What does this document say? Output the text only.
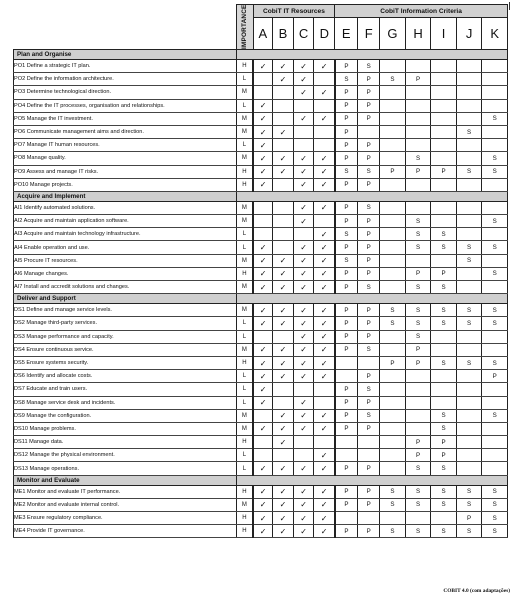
	IMPORTANCE	CobiT IT Resources				CobiT Information Criteria						
		A	B	C	D	E	F	G	H	I	J	K
Plan and Organise												
PO1 Define a strategic IT plan.	H	✓	✓	✓	✓	P	S					
PO2 Define the information architecture.	L		✓	✓		S	P	S	P			
PO3 Determine technological direction.	M			✓	✓	P	P					
PO4 Define the IT processes, organisation and relationships.	L	✓				P	P					
PO5 Manage the IT investment.	M	✓		✓	✓	P	P					S
PO6 Communicate management aims and direction.	M	✓	✓			P					S	
PO7 Manage IT human resources.	L	✓				P	P					
PO8 Manage quality.	M	✓	✓	✓	✓	P	P		S			S
PO9 Assess and manage IT risks.	H	✓	✓	✓	✓	S	S	P	P	P	S	S
PO10 Manage projects.	H	✓		✓	✓	P	P					
Acquire and Implement												
AI1 Identify automated solutions.	M			✓	✓	P	S					
AI2 Acquire and maintain application software.	M			✓		P	P		S			S
AI3 Acquire and maintain technology infrastructure.	L				✓	S	P		S	S		
AI4 Enable operation and use.	L	✓		✓	✓	P	P		S	S	S	S
AI5 Procure IT resources.	M	✓	✓	✓	✓	S	P				S	
AI6 Manage changes.	H	✓	✓	✓	✓	P	P		P	P		S
AI7 Install and accredit solutions and changes.	M	✓	✓	✓	✓	P	S		S	S		
Deliver and Support												
DS1 Define and manage service levels.	M	✓	✓	✓	✓	P	P	S	S	S	S	S
DS2 Manage third-party services.	L	✓	✓	✓	✓	P	P	S	S	S	S	S
DS3 Manage performance and capacity.	L			✓	✓	P	P		S			
DS4 Ensure continuous service.	M	✓	✓	✓	✓	P	S		P			
DS5 Ensure systems security.	H	✓	✓	✓	✓			P	P	S	S	S
DS6 Identify and allocate costs.	L	✓	✓	✓	✓		P					P
DS7 Educate and train users.	L	✓				P	S					
DS8 Manage service desk and incidents.	L	✓		✓		P	P					
DS9 Manage the configuration.	M		✓	✓	✓	P	S			S		S
DS10 Manage problems.	M	✓	✓	✓	✓	P	P			S		
DS11 Manage data.	H		✓						P	P		
DS12 Manage the physical environment.	L				✓				P	P		
DS13 Manage operations.	L	✓	✓	✓	✓	P	P		S	S		
Monitor and Evaluate												
ME1 Monitor and evaluate IT performance.	H	✓	✓	✓	✓	P	P	S	S	S	S	S
ME2 Monitor and evaluate internal control.	M	✓	✓	✓	✓	P	P	S	S	S	S	S
ME3 Ensure regulatory compliance.	H	✓	✓	✓	✓						P	S
ME4 Provide IT governance.	H	✓	✓	✓	✓	P	P	S	S	S	S	S
COBIT 4.0 (com adaptações)
